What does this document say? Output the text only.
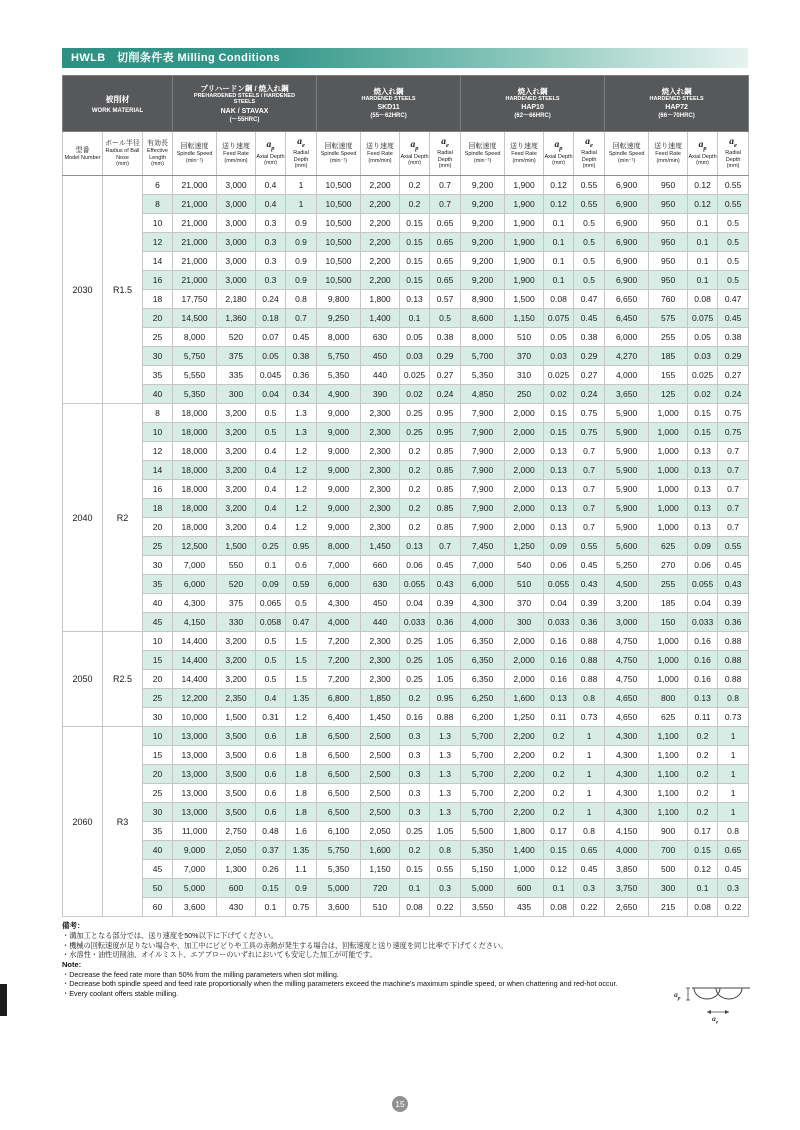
HWLB　切削条件表 Milling Conditions
被削材
WORK MATERIAL

プリハードン鋼 / 焼入れ鋼
PREHARDENED STEELS / HARDENED STEELS
NAK / STAVAX
(～55HRC)

焼入れ鋼
HARDENED STEELS
SKD11
(55～62HRC)

焼入れ鋼
HARDENED STEELS
HAP10
(62～66HRC)

焼入れ鋼
HARDENED STEELS
HAP72
(66～70HRC)

型番
Model Number

ボール半径
Radius of Ball Nose
(mm)

有効長
Effective Length
(mm)

回転速度
Spindle Speed
(min⁻¹)

送り速度
Feed Rate
(mm/min)

$a_p$
Axial Depth
(mm)

$a_e$
Radial Depth
(mm)

回転速度
Spindle Speed
(min⁻¹)

送り速度
Feed Rate
(mm/min)

$a_p$
Axial Depth
(mm)

$a_e$
Radial Depth
(mm)

回転速度
Spindle Speed
(min⁻¹)

送り速度
Feed Rate
(mm/min)

$a_p$
Axial Depth
(mm)

$a_e$
Radial Depth
(mm)

回転速度
Spindle Speed
(min⁻¹)

送り速度
Feed Rate
(mm/min)

$a_p$
Axial Depth
(mm)

$a_e$
Radial Depth
(mm)

2030	R1.5	6	21,000	3,000	0.4	1	10,500	2,200	0.2	0.7	9,200	1,900	0.12	0.55	6,900	950	0.12	0.55
		8	21,000	3,000	0.4	1	10,500	2,200	0.2	0.7	9,200	1,900	0.12	0.55	6,900	950	0.12	0.55
		10	21,000	3,000	0.3	0.9	10,500	2,200	0.15	0.65	9,200	1,900	0.1	0.5	6,900	950	0.1	0.5
		12	21,000	3,000	0.3	0.9	10,500	2,200	0.15	0.65	9,200	1,900	0.1	0.5	6,900	950	0.1	0.5
		14	21,000	3,000	0.3	0.9	10,500	2,200	0.15	0.65	9,200	1,900	0.1	0.5	6,900	950	0.1	0.5
		16	21,000	3,000	0.3	0.9	10,500	2,200	0.15	0.65	9,200	1,900	0.1	0.5	6,900	950	0.1	0.5
		18	17,750	2,180	0.24	0.8	9,800	1,800	0.13	0.57	8,900	1,500	0.08	0.47	6,650	760	0.08	0.47
		20	14,500	1,360	0.18	0.7	9,250	1,400	0.1	0.5	8,600	1,150	0.075	0.45	6,450	575	0.075	0.45
		25	8,000	520	0.07	0.45	8,000	630	0.05	0.38	8,000	510	0.05	0.38	6,000	255	0.05	0.38
		30	5,750	375	0.05	0.38	5,750	450	0.03	0.29	5,700	370	0.03	0.29	4,270	185	0.03	0.29
		35	5,550	335	0.045	0.36	5,350	440	0.025	0.27	5,350	310	0.025	0.27	4,000	155	0.025	0.27
		40	5,350	300	0.04	0.34	4,900	390	0.02	0.24	4,850	250	0.02	0.24	3,650	125	0.02	0.24
2040	R2	8	18,000	3,200	0.5	1.3	9,000	2,300	0.25	0.95	7,900	2,000	0.15	0.75	5,900	1,000	0.15	0.75
		10	18,000	3,200	0.5	1.3	9,000	2,300	0.25	0.95	7,900	2,000	0.15	0.75	5,900	1,000	0.15	0.75
		12	18,000	3,200	0.4	1.2	9,000	2,300	0.2	0.85	7,900	2,000	0.13	0.7	5,900	1,000	0.13	0.7
		14	18,000	3,200	0.4	1.2	9,000	2,300	0.2	0.85	7,900	2,000	0.13	0.7	5,900	1,000	0.13	0.7
		16	18,000	3,200	0.4	1.2	9,000	2,300	0.2	0.85	7,900	2,000	0.13	0.7	5,900	1,000	0.13	0.7
		18	18,000	3,200	0.4	1.2	9,000	2,300	0.2	0.85	7,900	2,000	0.13	0.7	5,900	1,000	0.13	0.7
		20	18,000	3,200	0.4	1.2	9,000	2,300	0.2	0.85	7,900	2,000	0.13	0.7	5,900	1,000	0.13	0.7
		25	12,500	1,500	0.25	0.95	8,000	1,450	0.13	0.7	7,450	1,250	0.09	0.55	5,600	625	0.09	0.55
		30	7,000	550	0.1	0.6	7,000	660	0.06	0.45	7,000	540	0.06	0.45	5,250	270	0.06	0.45
		35	6,000	520	0.09	0.59	6,000	630	0.055	0.43	6,000	510	0.055	0.43	4,500	255	0.055	0.43
		40	4,300	375	0.065	0.5	4,300	450	0.04	0.39	4,300	370	0.04	0.39	3,200	185	0.04	0.39
		45	4,150	330	0.058	0.47	4,000	440	0.033	0.36	4,000	300	0.033	0.36	3,000	150	0.033	0.36
2050	R2.5	10	14,400	3,200	0.5	1.5	7,200	2,300	0.25	1.05	6,350	2,000	0.16	0.88	4,750	1,000	0.16	0.88
		15	14,400	3,200	0.5	1.5	7,200	2,300	0.25	1.05	6,350	2,000	0.16	0.88	4,750	1,000	0.16	0.88
		20	14,400	3,200	0.5	1.5	7,200	2,300	0.25	1.05	6,350	2,000	0.16	0.88	4,750	1,000	0.16	0.88
		25	12,200	2,350	0.4	1.35	6,800	1,850	0.2	0.95	6,250	1,600	0.13	0.8	4,650	800	0.13	0.8
		30	10,000	1,500	0.31	1.2	6,400	1,450	0.16	0.88	6,200	1,250	0.11	0.73	4,650	625	0.11	0.73
2060	R3	10	13,000	3,500	0.6	1.8	6,500	2,500	0.3	1.3	5,700	2,200	0.2	1	4,300	1,100	0.2	1
		15	13,000	3,500	0.6	1.8	6,500	2,500	0.3	1.3	5,700	2,200	0.2	1	4,300	1,100	0.2	1
		20	13,000	3,500	0.6	1.8	6,500	2,500	0.3	1.3	5,700	2,200	0.2	1	4,300	1,100	0.2	1
		25	13,000	3,500	0.6	1.8	6,500	2,500	0.3	1.3	5,700	2,200	0.2	1	4,300	1,100	0.2	1
		30	13,000	3,500	0.6	1.8	6,500	2,500	0.3	1.3	5,700	2,200	0.2	1	4,300	1,100	0.2	1
		35	11,000	2,750	0.48	1.6	6,100	2,050	0.25	1.05	5,500	1,800	0.17	0.8	4,150	900	0.17	0.8
		40	9,000	2,050	0.37	1.35	5,750	1,600	0.2	0.8	5,350	1,400	0.15	0.65	4,000	700	0.15	0.65
		45	7,000	1,300	0.26	1.1	5,350	1,150	0.15	0.55	5,150	1,000	0.12	0.45	3,850	500	0.12	0.45
		50	5,000	600	0.15	0.9	5,000	720	0.1	0.3	5,000	600	0.1	0.3	3,750	300	0.1	0.3
		60	3,600	430	0.1	0.75	3,600	510	0.08	0.22	3,550	435	0.08	0.22	2,650	215	0.08	0.22
備考：
・溝加工となる部分では、送り速度を50%以下に下げてください。
・機械の回転速度が足りない場合や、加工中にビビりや工具の赤熱が発生する場合は、回転速度と送り速度を同じ比率で下げてください。
・水溶性・油性切削油、オイルミスト、エアブローのいずれにおいても安定した加工が可能です。
Note:
・Decrease the feed rate more than 50% from the milling parameters when slot milling.
・Decrease both spindle speed and feed rate proportionally when the milling parameters exceed the machine's maximum spindle speed, or when chattering and red-hot occur.
・Every coolant offers stable milling.	$a_p$
$a_e$
15
